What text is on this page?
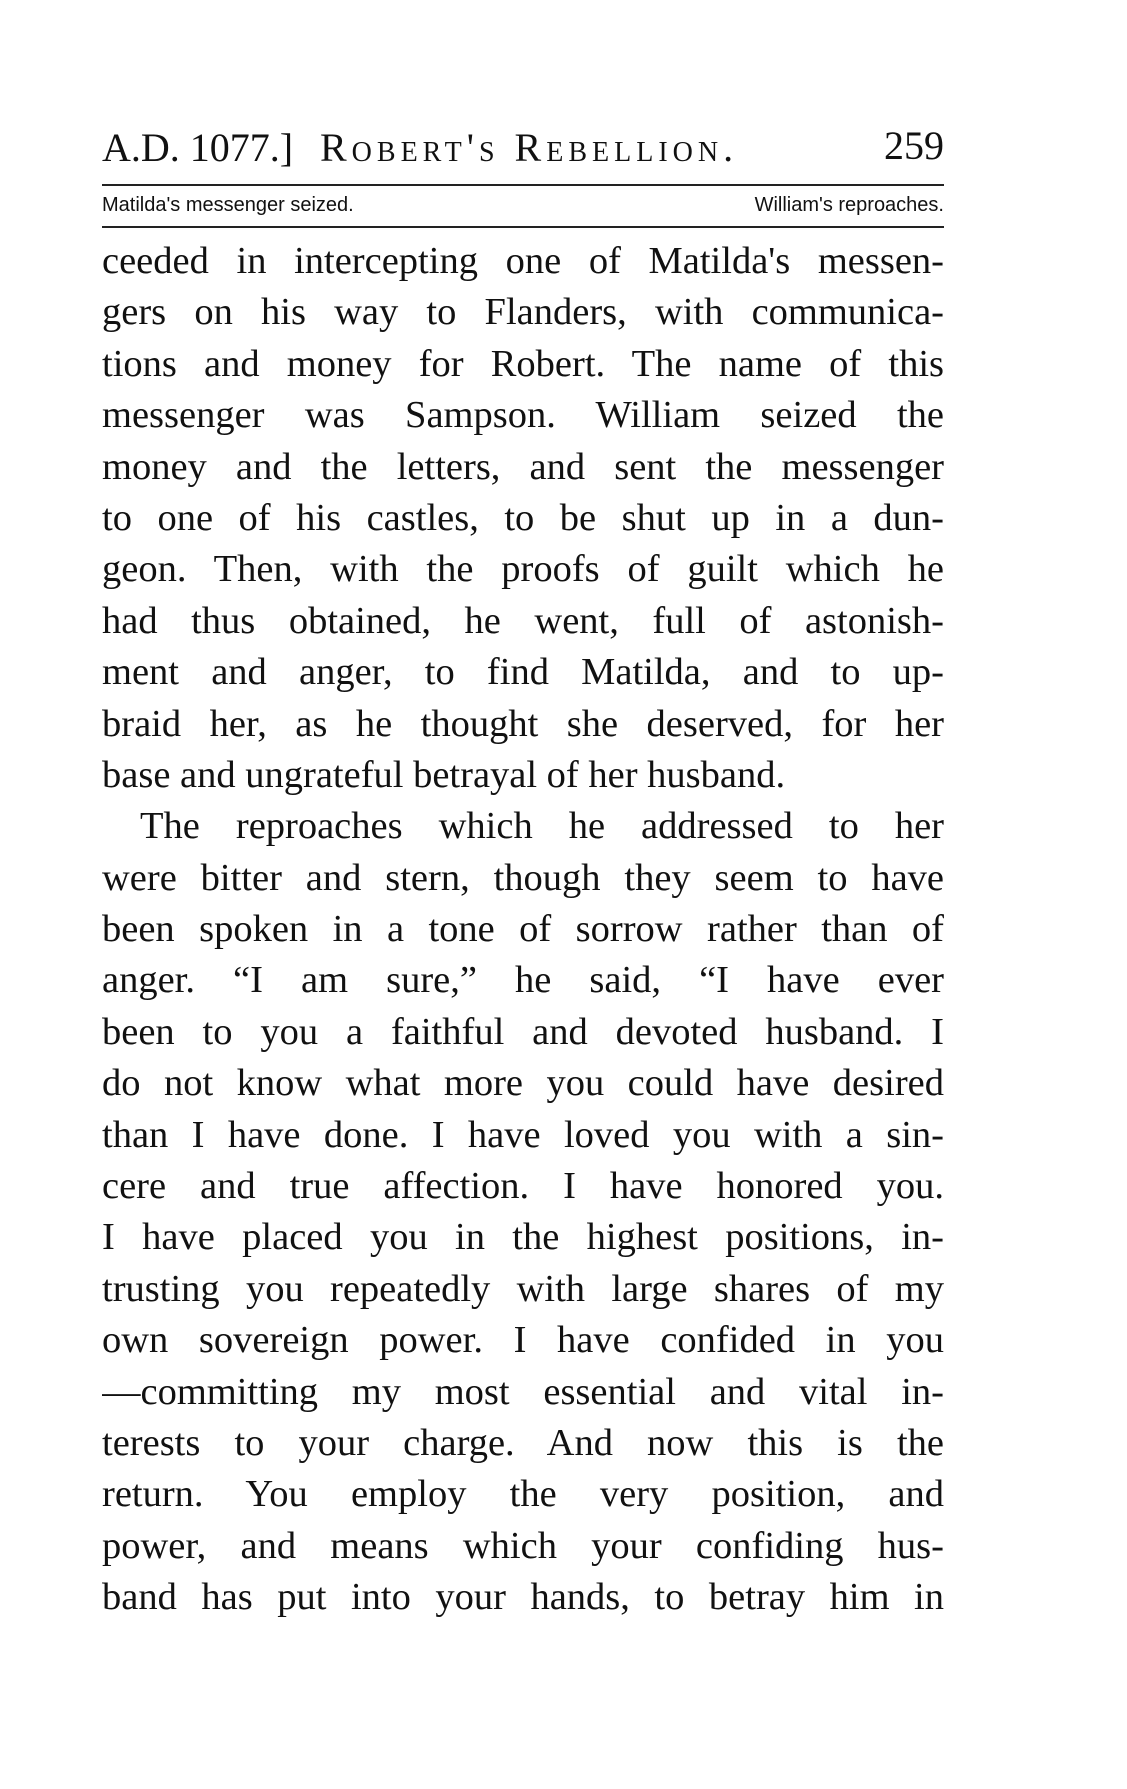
A.D. 1077.] Robert's Rebellion.	259
Matilda's messenger seized.	William's reproaches.
ceeded in intercepting one of Matilda's messen-
gers on his way to Flanders, with communica-
tions and money for Robert. The name of this
messenger was Sampson. William seized the
money and the letters, and sent the messenger
to one of his castles, to be shut up in a dun-
geon. Then, with the proofs of guilt which he
had thus obtained, he went, full of astonish-
ment and anger, to find Matilda, and to up-
braid her, as he thought she deserved, for her
base and ungrateful betrayal of her husband.
The reproaches which he addressed to her
were bitter and stern, though they seem to have
been spoken in a tone of sorrow rather than of
anger. “I am sure,” he said, “I have ever
been to you a faithful and devoted husband. I
do not know what more you could have desired
than I have done. I have loved you with a sin-
cere and true affection. I have honored you.
I have placed you in the highest positions, in-
trusting you repeatedly with large shares of my
own sovereign power. I have confided in you
—committing my most essential and vital in-
terests to your charge. And now this is the
return. You employ the very position, and
power, and means which your confiding hus-
band has put into your hands, to betray him in
